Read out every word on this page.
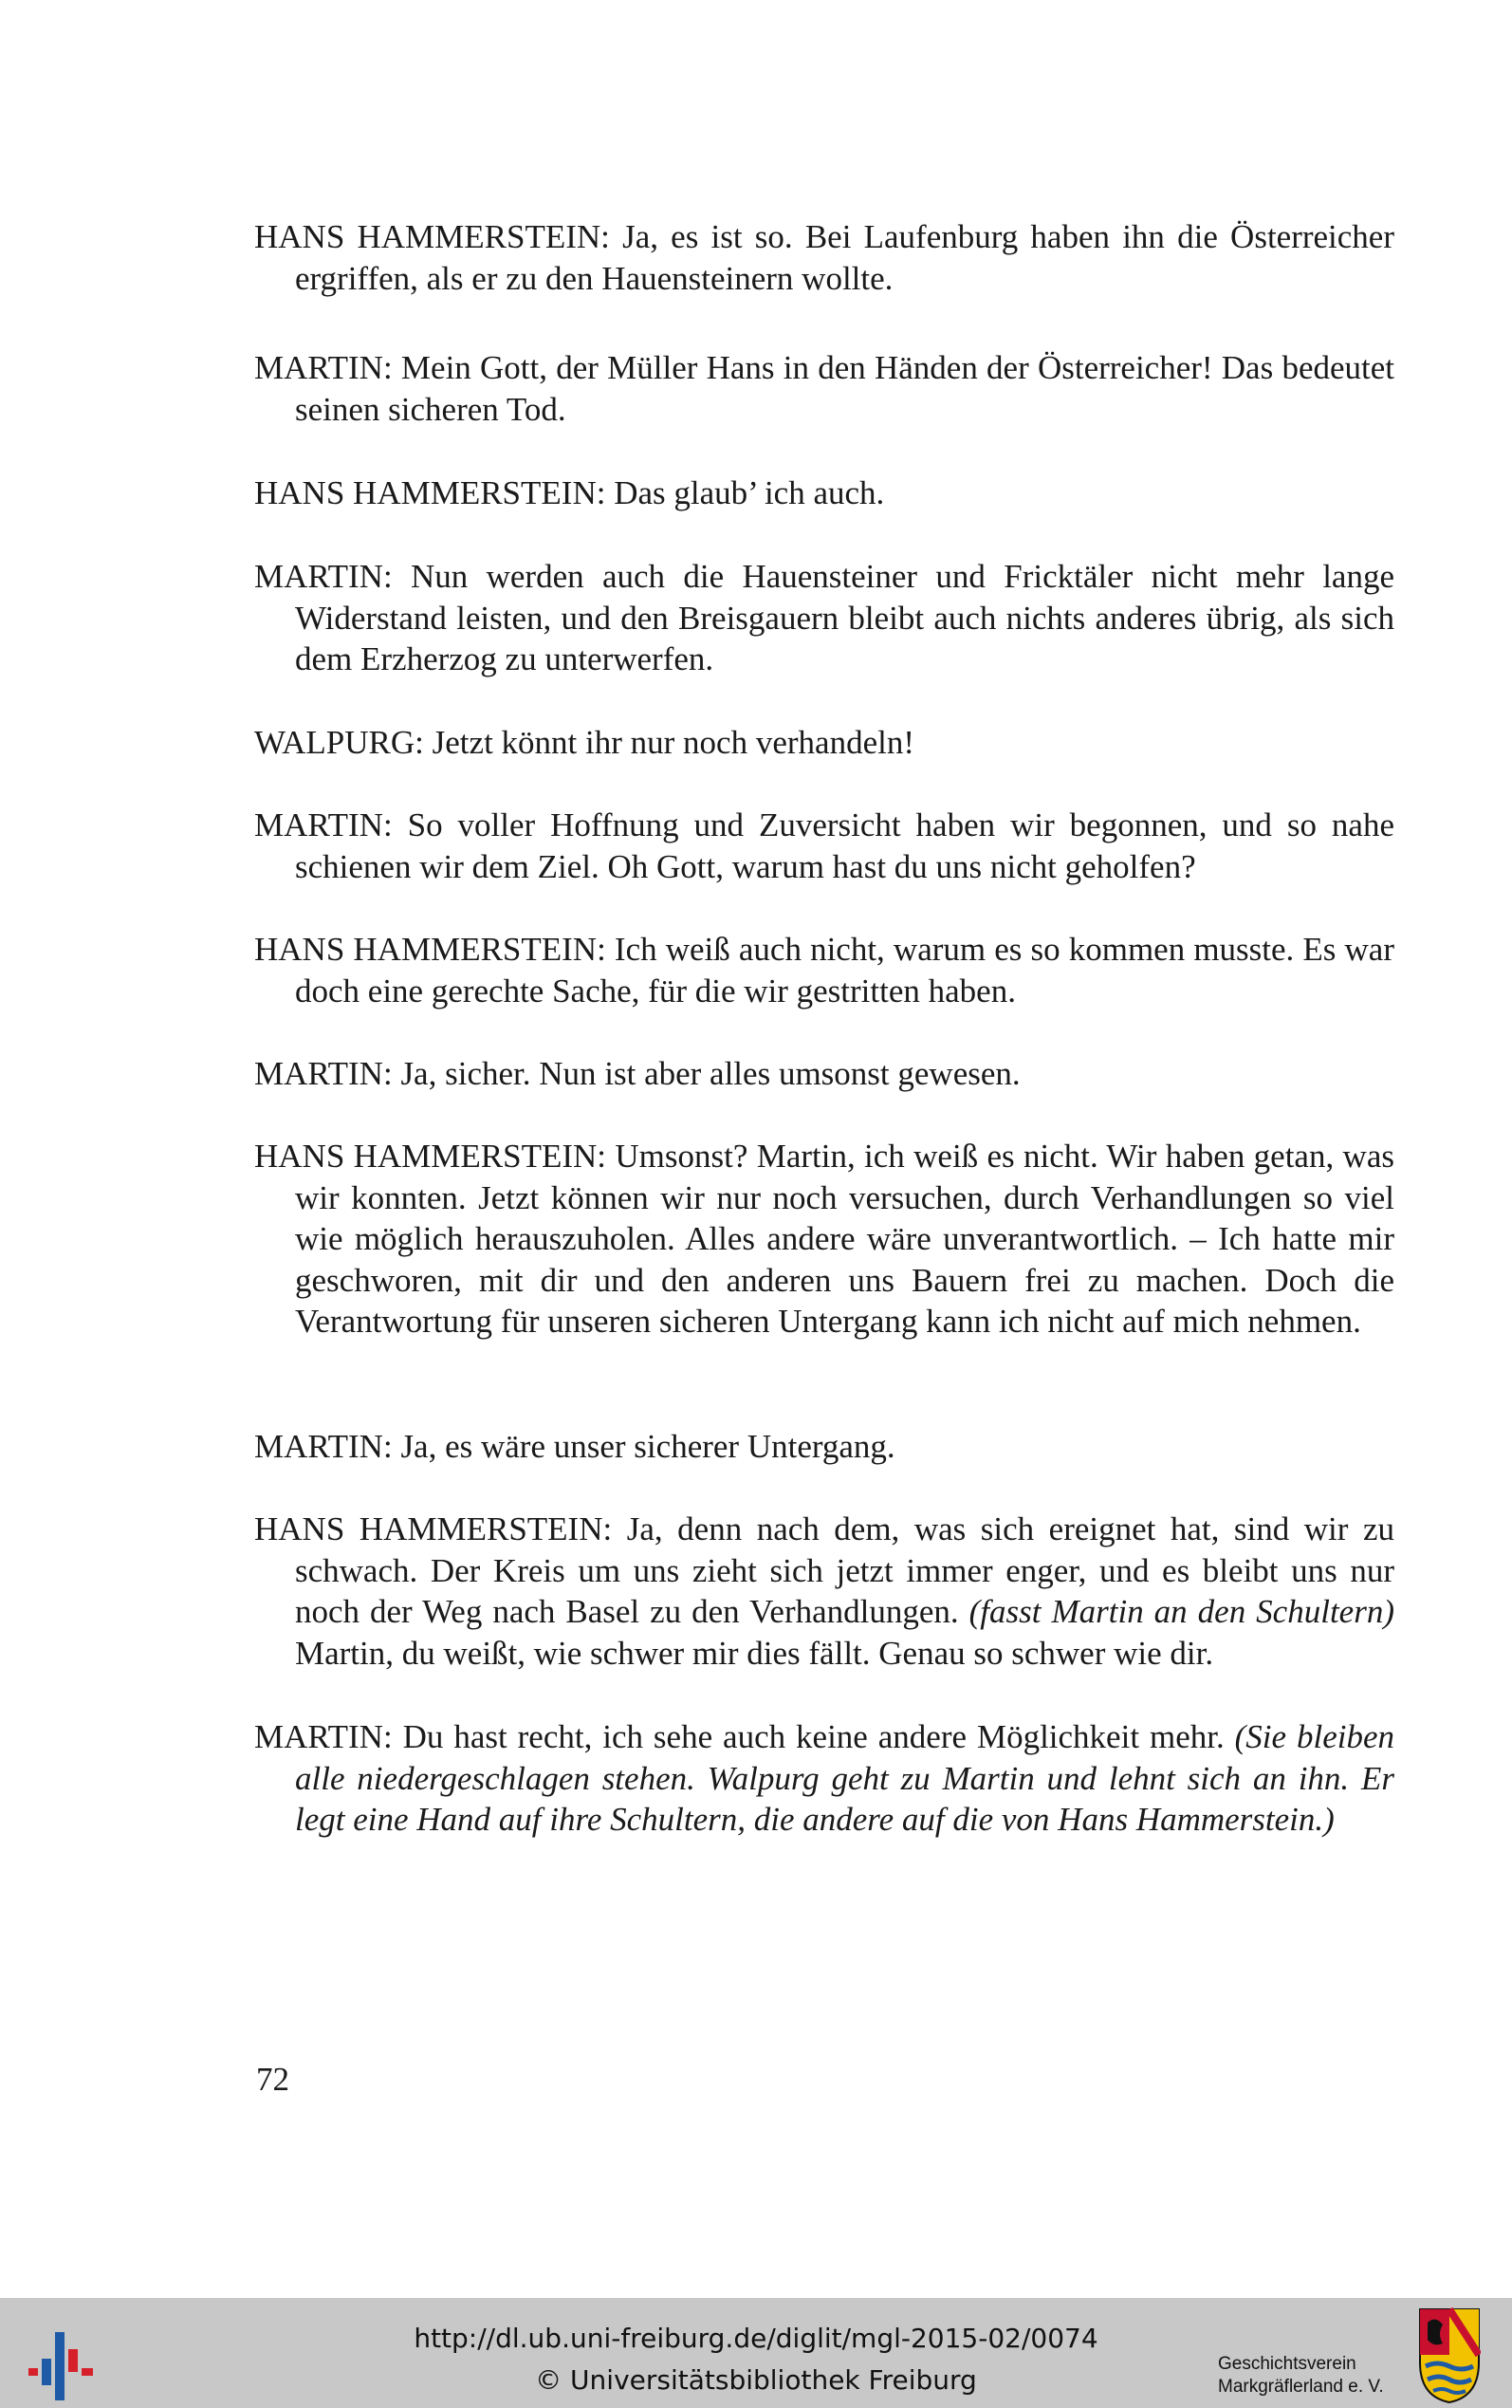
HANS HAMMERSTEIN: Ja, es ist so. Bei Laufenburg haben ihn die Österreicher ergriffen, als er zu den Hauensteinern wollte.

MARTIN: Mein Gott, der Müller Hans in den Händen der Österreicher! Das bedeutet seinen sicheren Tod.

HANS HAMMERSTEIN: Das glaub’ ich auch.

MARTIN: Nun werden auch die Hauensteiner und Fricktäler nicht mehr lange Widerstand leisten, und den Breisgauern bleibt auch nichts anderes übrig, als sich dem Erzherzog zu unterwerfen.

WALPURG: Jetzt könnt ihr nur noch verhandeln!

MARTIN: So voller Hoffnung und Zuversicht haben wir begonnen, und so nahe schienen wir dem Ziel. Oh Gott, warum hast du uns nicht geholfen?

HANS HAMMERSTEIN: Ich weiß auch nicht, warum es so kommen musste. Es war doch eine gerechte Sache, für die wir gestritten haben.

MARTIN: Ja, sicher. Nun ist aber alles umsonst gewesen.

HANS HAMMERSTEIN: Umsonst? Martin, ich weiß es nicht. Wir haben getan, was wir konnten. Jetzt können wir nur noch versuchen, durch Verhandlungen so viel wie möglich herauszuholen. Alles andere wäre unverantwortlich. – Ich hatte mir geschworen, mit dir und den anderen uns Bauern frei zu machen. Doch die Verantwortung für unseren sicheren Untergang kann ich nicht auf mich nehmen.

MARTIN: Ja, es wäre unser sicherer Untergang.

HANS HAMMERSTEIN: Ja, denn nach dem, was sich ereignet hat, sind wir zu schwach. Der Kreis um uns zieht sich jetzt immer enger, und es bleibt uns nur noch der Weg nach Basel zu den Verhandlungen. (fasst Martin an den Schultern) Martin, du weißt, wie schwer mir dies fällt. Genau so schwer wie dir.

MARTIN: Du hast recht, ich sehe auch keine andere Möglichkeit mehr. (Sie bleiben alle niedergeschlagen stehen. Walpurg geht zu Martin und lehnt sich an ihn. Er legt eine Hand auf ihre Schultern, die andere auf die von Hans Hammerstein.)

72
http://dl.ub.uni-freiburg.de/diglit/mgl-2015-02/0074
© Universitätsbibliothek Freiburg
Geschichtsverein
Markgräflerland e. V.
